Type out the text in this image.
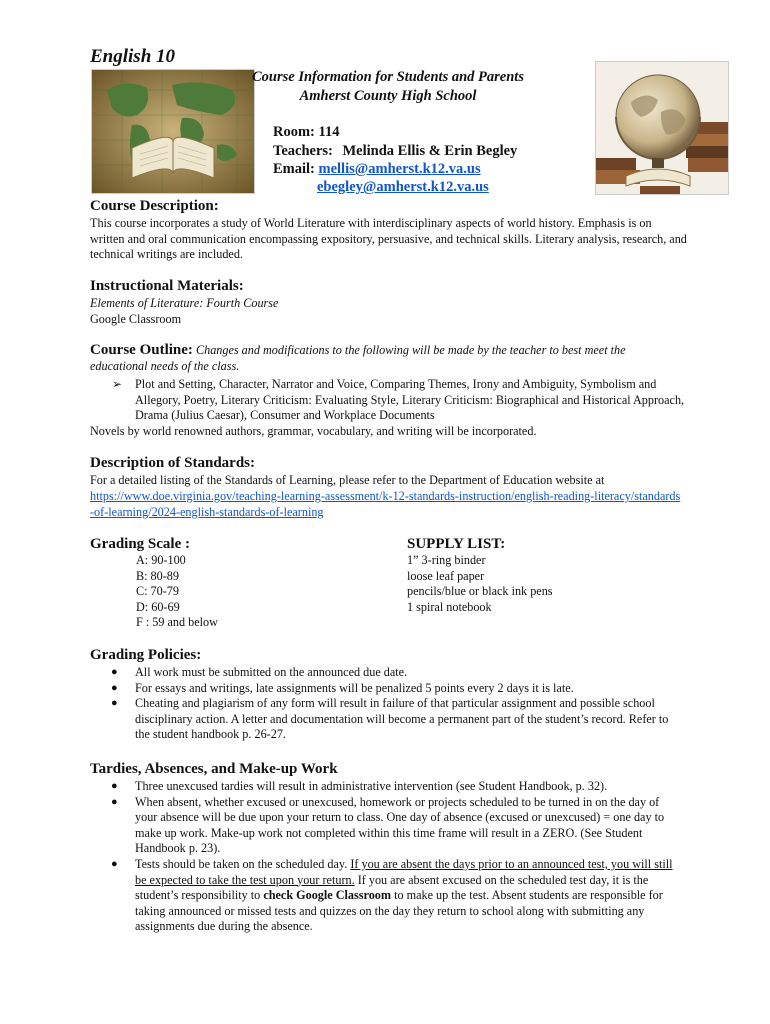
English 10
Course Information for Students and Parents
Amherst County High School
Room: 114
Teachers: Melinda Ellis & Erin Begley
Email: mellis@amherst.k12.va.us
ebegley@amherst.k12.va.us
Course Description:
This course incorporates a study of World Literature with interdisciplinary aspects of world history. Emphasis is on written and oral communication encompassing expository, persuasive, and technical skills. Literary analysis, research, and technical writings are included.
Instructional Materials:
Elements of Literature: Fourth Course
Google Classroom
Course Outline: Changes and modifications to the following will be made by the teacher to best meet the educational needs of the class.
➢ Plot and Setting, Character, Narrator and Voice, Comparing Themes, Irony and Ambiguity, Symbolism and Allegory, Poetry, Literary Criticism: Evaluating Style, Literary Criticism: Biographical and Historical Approach, Drama (Julius Caesar), Consumer and Workplace Documents
Novels by world renowned authors, grammar, vocabulary, and writing will be incorporated.
Description of Standards:
For a detailed listing of the Standards of Learning, please refer to the Department of Education website at
https://www.doe.virginia.gov/teaching-learning-assessment/k-12-standards-instruction/english-reading-literacy/standards-of-learning/2024-english-standards-of-learning
Grading Scale :
A: 90-100
B: 80-89
C: 70-79
D: 60-69
F : 59 and below
SUPPLY LIST:
1” 3-ring binder
loose leaf paper
pencils/blue or black ink pens
1 spiral notebook
Grading Policies:
● All work must be submitted on the announced due date.
● For essays and writings, late assignments will be penalized 5 points every 2 days it is late.
● Cheating and plagiarism of any form will result in failure of that particular assignment and possible school disciplinary action. A letter and documentation will become a permanent part of the student’s record. Refer to the student handbook p. 26-27.
Tardies, Absences, and Make-up Work
● Three unexcused tardies will result in administrative intervention (see Student Handbook, p. 32).
● When absent, whether excused or unexcused, homework or projects scheduled to be turned in on the day of your absence will be due upon your return to class. One day of absence (excused or unexcused) = one day to make up work. Make-up work not completed within this time frame will result in a ZERO. (See Student Handbook p. 23).
● Tests should be taken on the scheduled day. If you are absent the days prior to an announced test, you will still be expected to take the test upon your return. If you are absent excused on the scheduled test day, it is the student’s responsibility to check Google Classroom to make up the test. Absent students are responsible for taking announced or missed tests and quizzes on the day they return to school along with submitting any assignments due during the absence.
